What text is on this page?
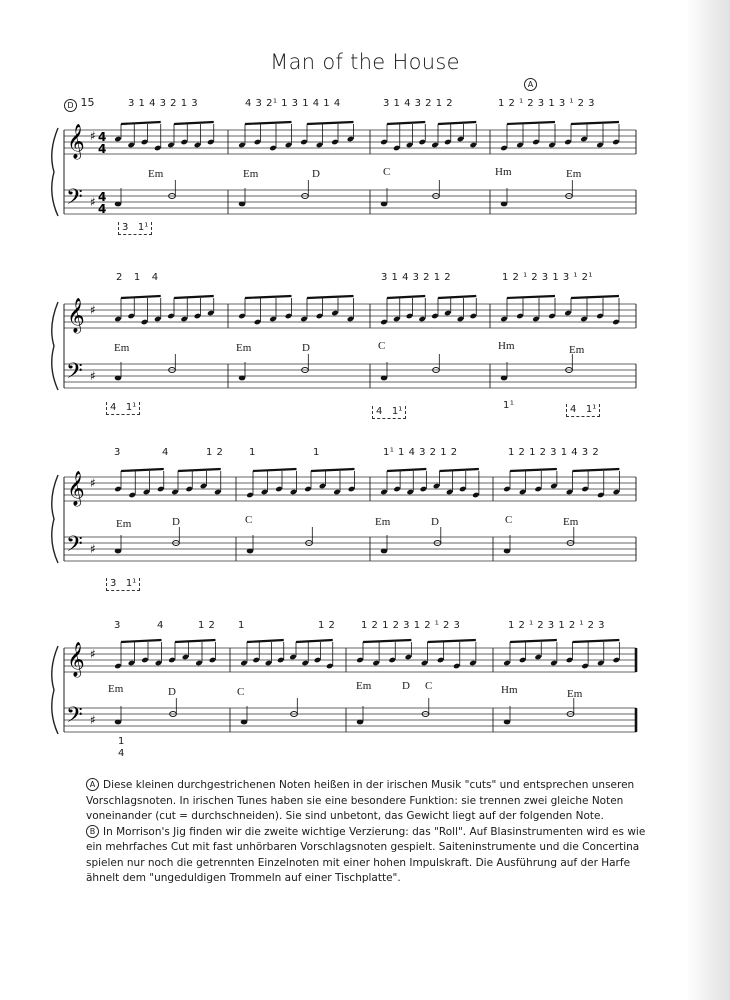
Man of the House
D 15	3 1 4 3 2 1 3	4 3 2¹ 1 3 1 4 1 4	3 1 4 3 2 1 2	1 2 ¹ 2 3 1 3 ¹ 2 3
A
Em	Em	D	C	Hm	Em
3   1¹
2   1   4	3 1 4 3 2 1 2	1 2 ¹ 2 3 1 3 ¹ 2¹
Em	Em	D	C	Hm	Em
4   1¹	4   1¹	4   1¹
1¹
3	4	1 2	1	1	1¹ 1 4 3 2 1 2	1 2 1 2 3 1 4 3 2
Em	D	C	Em	D	C	Em
3   1¹
3	4	1 2 1	1 2	1 2 1 2 3 1 2 ¹ 2 3	1 2 ¹ 2 3 1 2 ¹ 2 3
Em	D	C	Em	D C	Hm	Em
1
4
𝄞 ♯ 4
4
𝄢 ♯ 4
4
𝄞 ♯
𝄢 ♯
𝄞 ♯
𝄢 ♯
𝄞 ♯
𝄢 ♯
A Diese kleinen durchgestrichenen Noten heißen in der irischen Musik "cuts" und entsprechen unseren Vorschlagsnoten. In irischen Tunes haben sie eine besondere Funktion: sie trennen zwei gleiche Noten voneinander (cut = durchschneiden). Sie sind unbetont, das Gewicht liegt auf der folgenden Note.
B In Morrison's Jig finden wir die zweite wichtige Verzierung: das "Roll". Auf Blasinstrumenten wird es wie ein mehrfaches Cut mit fast unhörbaren Vorschlagsnoten gespielt. Saiteninstrumente und die Concertina spielen nur noch die getrennten Einzelnoten mit einer hohen Impulskraft. Die Ausführung auf der Harfe ähnelt dem "ungeduldigen Trommeln auf einer Tischplatte".
